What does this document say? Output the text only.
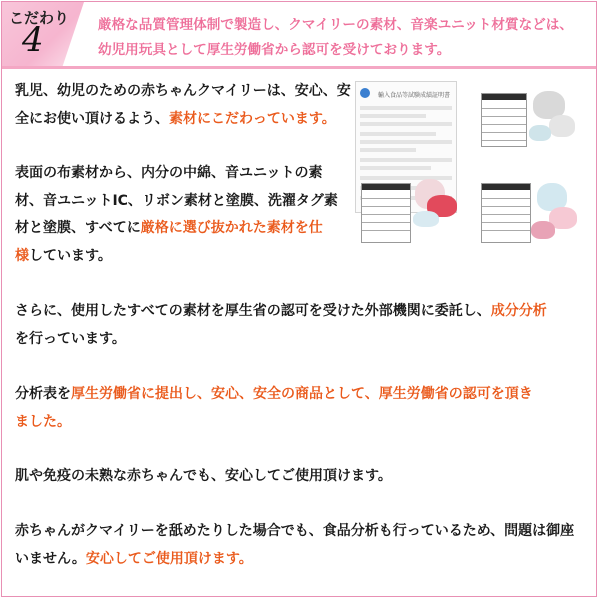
こだわり
4	厳格な品質管理体制で製造し、クマイリーの素材、音楽ユニット材質などは、
幼児用玩具として厚生労働省から認可を受けております。
輸入食品等試験成績証明書
乳児、幼児のための赤ちゃんクマイリーは、安心、安
全にお使い頂けるよう、素材にこだわっています。
表面の布素材から、内分の中綿、音ユニットの素
材、音ユニットIC、リボン素材と塗膜、洗濯タグ素
材と塗膜、すべてに厳格に選び抜かれた素材を仕
様しています。
さらに、使用したすべての素材を厚生省の認可を受けた外部機関に委託し、成分分析
を行っています。
分析表を厚生労働省に提出し、安心、安全の商品として、厚生労働省の認可を頂き
ました。
肌や免疫の未熟な赤ちゃんでも、安心してご使用頂けます。
赤ちゃんがクマイリーを舐めたりした場合でも、食品分析も行っているため、問題は御座
いません。安心してご使用頂けます。
